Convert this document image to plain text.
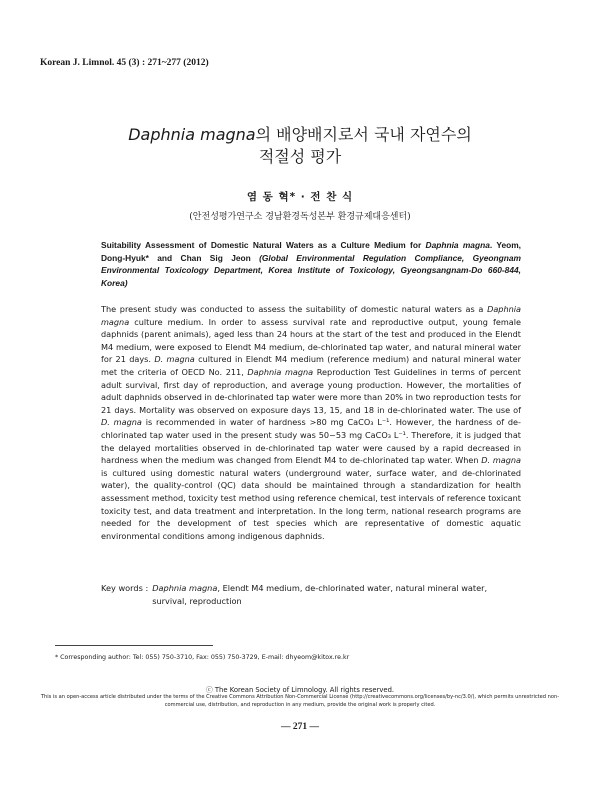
Korean J. Limnol. 45 (3) : 271~277 (2012)
Daphnia magna의 배양배지로서 국내 자연수의
적절성 평가
염 동 혁* · 전 찬 식
(안전성평가연구소 경남환경독성본부 환경규제대응센터)
Suitability Assessment of Domestic Natural Waters as a Culture Medium for Daphnia magna. Yeom, Dong-Hyuk* and Chan Sig Jeon (Global Environmental Regulation Compliance, Gyeongnam Environmental Toxicology Department, Korea Institute of Toxicology, Gyeongsangnam-Do 660-844, Korea)
The present study was conducted to assess the suitability of domestic natural waters as a Daphnia magna culture medium. In order to assess survival rate and reproductive output, young female daphnids (parent animals), aged less than 24 hours at the start of the test and produced in the Elendt M4 medium, were exposed to Elendt M4 medium, de-chlorinated tap water, and natural mineral water for 21 days. D. magna cultured in Elendt M4 medium (reference medium) and natural mineral water met the criteria of OECD No. 211, Daphnia magna Reproduction Test Guidelines in terms of percent adult survival, first day of reproduction, and average young production. However, the mortalities of adult daphnids observed in de-chlorinated tap water were more than 20% in two reproduction tests for 21 days. Mortality was observed on exposure days 13, 15, and 18 in de-chlorinated water. The use of D. magna is recommended in water of hardness >80 mg CaCO₃ L⁻¹. However, the hardness of de-chlorinated tap water used in the present study was 50~53 mg CaCO₃ L⁻¹. Therefore, it is judged that the delayed mortalities observed in de-chlorinated tap water were caused by a rapid decreased in hardness when the medium was changed from Elendt M4 to de-chlorinated tap water. When D. magna is cultured using domestic natural waters (underground water, surface water, and de-chlorinated water), the quality-control (QC) data should be maintained through a standardization for health assessment method, toxicity test method using reference chemical, test intervals of reference toxicant toxicity test, and data treatment and interpretation. In the long term, national research programs are needed for the development of test species which are representative of domestic aquatic environmental conditions among indigenous daphnids.
Key words : Daphnia magna, Elendt M4 medium, de-chlorinated water, natural mineral water, survival, reproduction
* Corresponding author: Tel: 055) 750-3710, Fax: 055) 750-3729, E-mail: dhyeom@kitox.re.kr
ⓒ The Korean Society of Limnology. All rights reserved.
This is an open-access article distributed under the terms of the Creative Commons Attribution Non-Commercial License (http://creativecommons.org/licenses/by-nc/3.0/), which permits unrestricted non-commercial use, distribution, and reproduction in any medium, provide the original work is properly cited.
— 271 —
